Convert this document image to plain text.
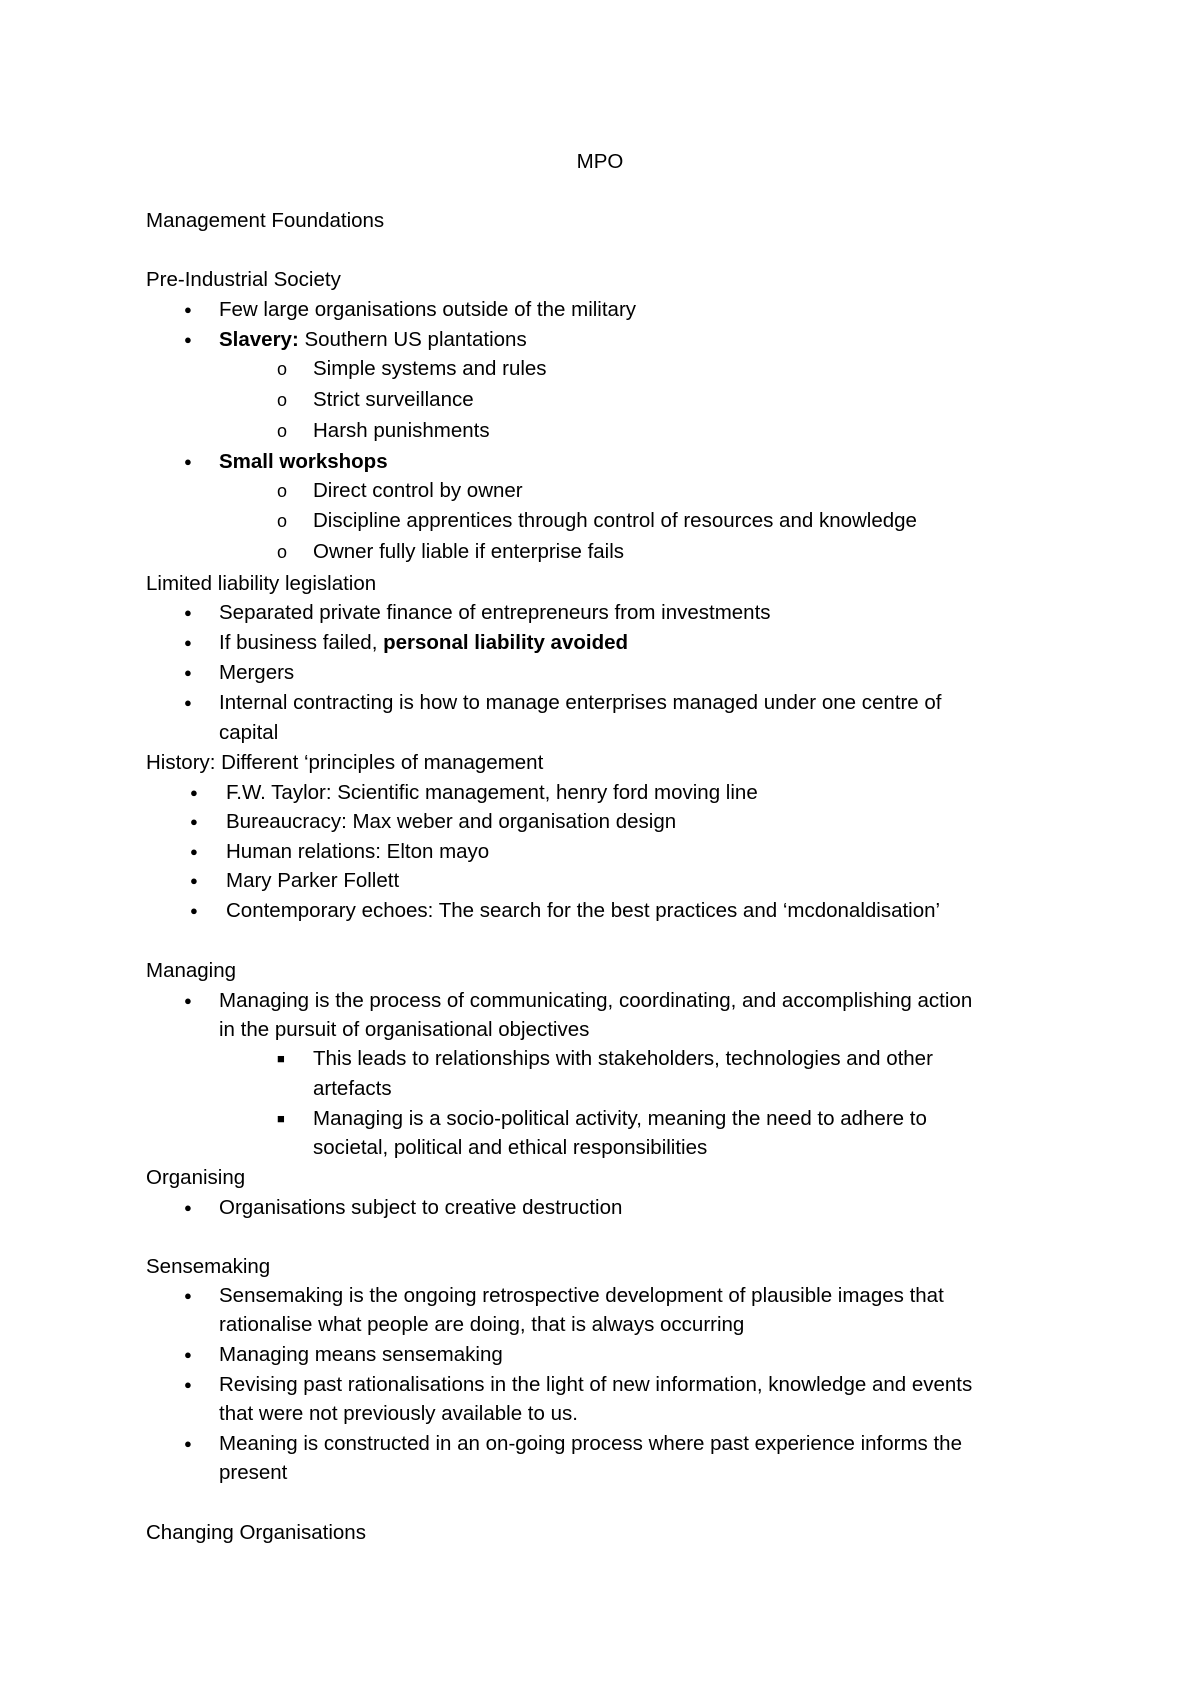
MPO
Management Foundations
Pre-Industrial Society
● Few large organisations outside of the military
● Slavery: Southern US plantations
o Simple systems and rules
o Strict surveillance
o Harsh punishments
● Small workshops
o Direct control by owner
o Discipline apprentices through control of resources and knowledge
o Owner fully liable if enterprise fails
Limited liability legislation
● Separated private finance of entrepreneurs from investments
● If business failed, personal liability avoided
● Mergers
● Internal contracting is how to manage enterprises managed under one centre of
capital
History: Different ‘principles of management
● F.W. Taylor: Scientific management, henry ford moving line
● Bureaucracy: Max weber and organisation design
● Human relations: Elton mayo
● Mary Parker Follett
● Contemporary echoes: The search for the best practices and ‘mcdonaldisation’
Managing
● Managing is the process of communicating, coordinating, and accomplishing action
in the pursuit of organisational objectives
■ This leads to relationships with stakeholders, technologies and other
artefacts
■ Managing is a socio-political activity, meaning the need to adhere to
societal, political and ethical responsibilities
Organising
● Organisations subject to creative destruction
Sensemaking
● Sensemaking is the ongoing retrospective development of plausible images that
rationalise what people are doing, that is always occurring
● Managing means sensemaking
● Revising past rationalisations in the light of new information, knowledge and events
that were not previously available to us.
● Meaning is constructed in an on-going process where past experience informs the
present
Changing Organisations
